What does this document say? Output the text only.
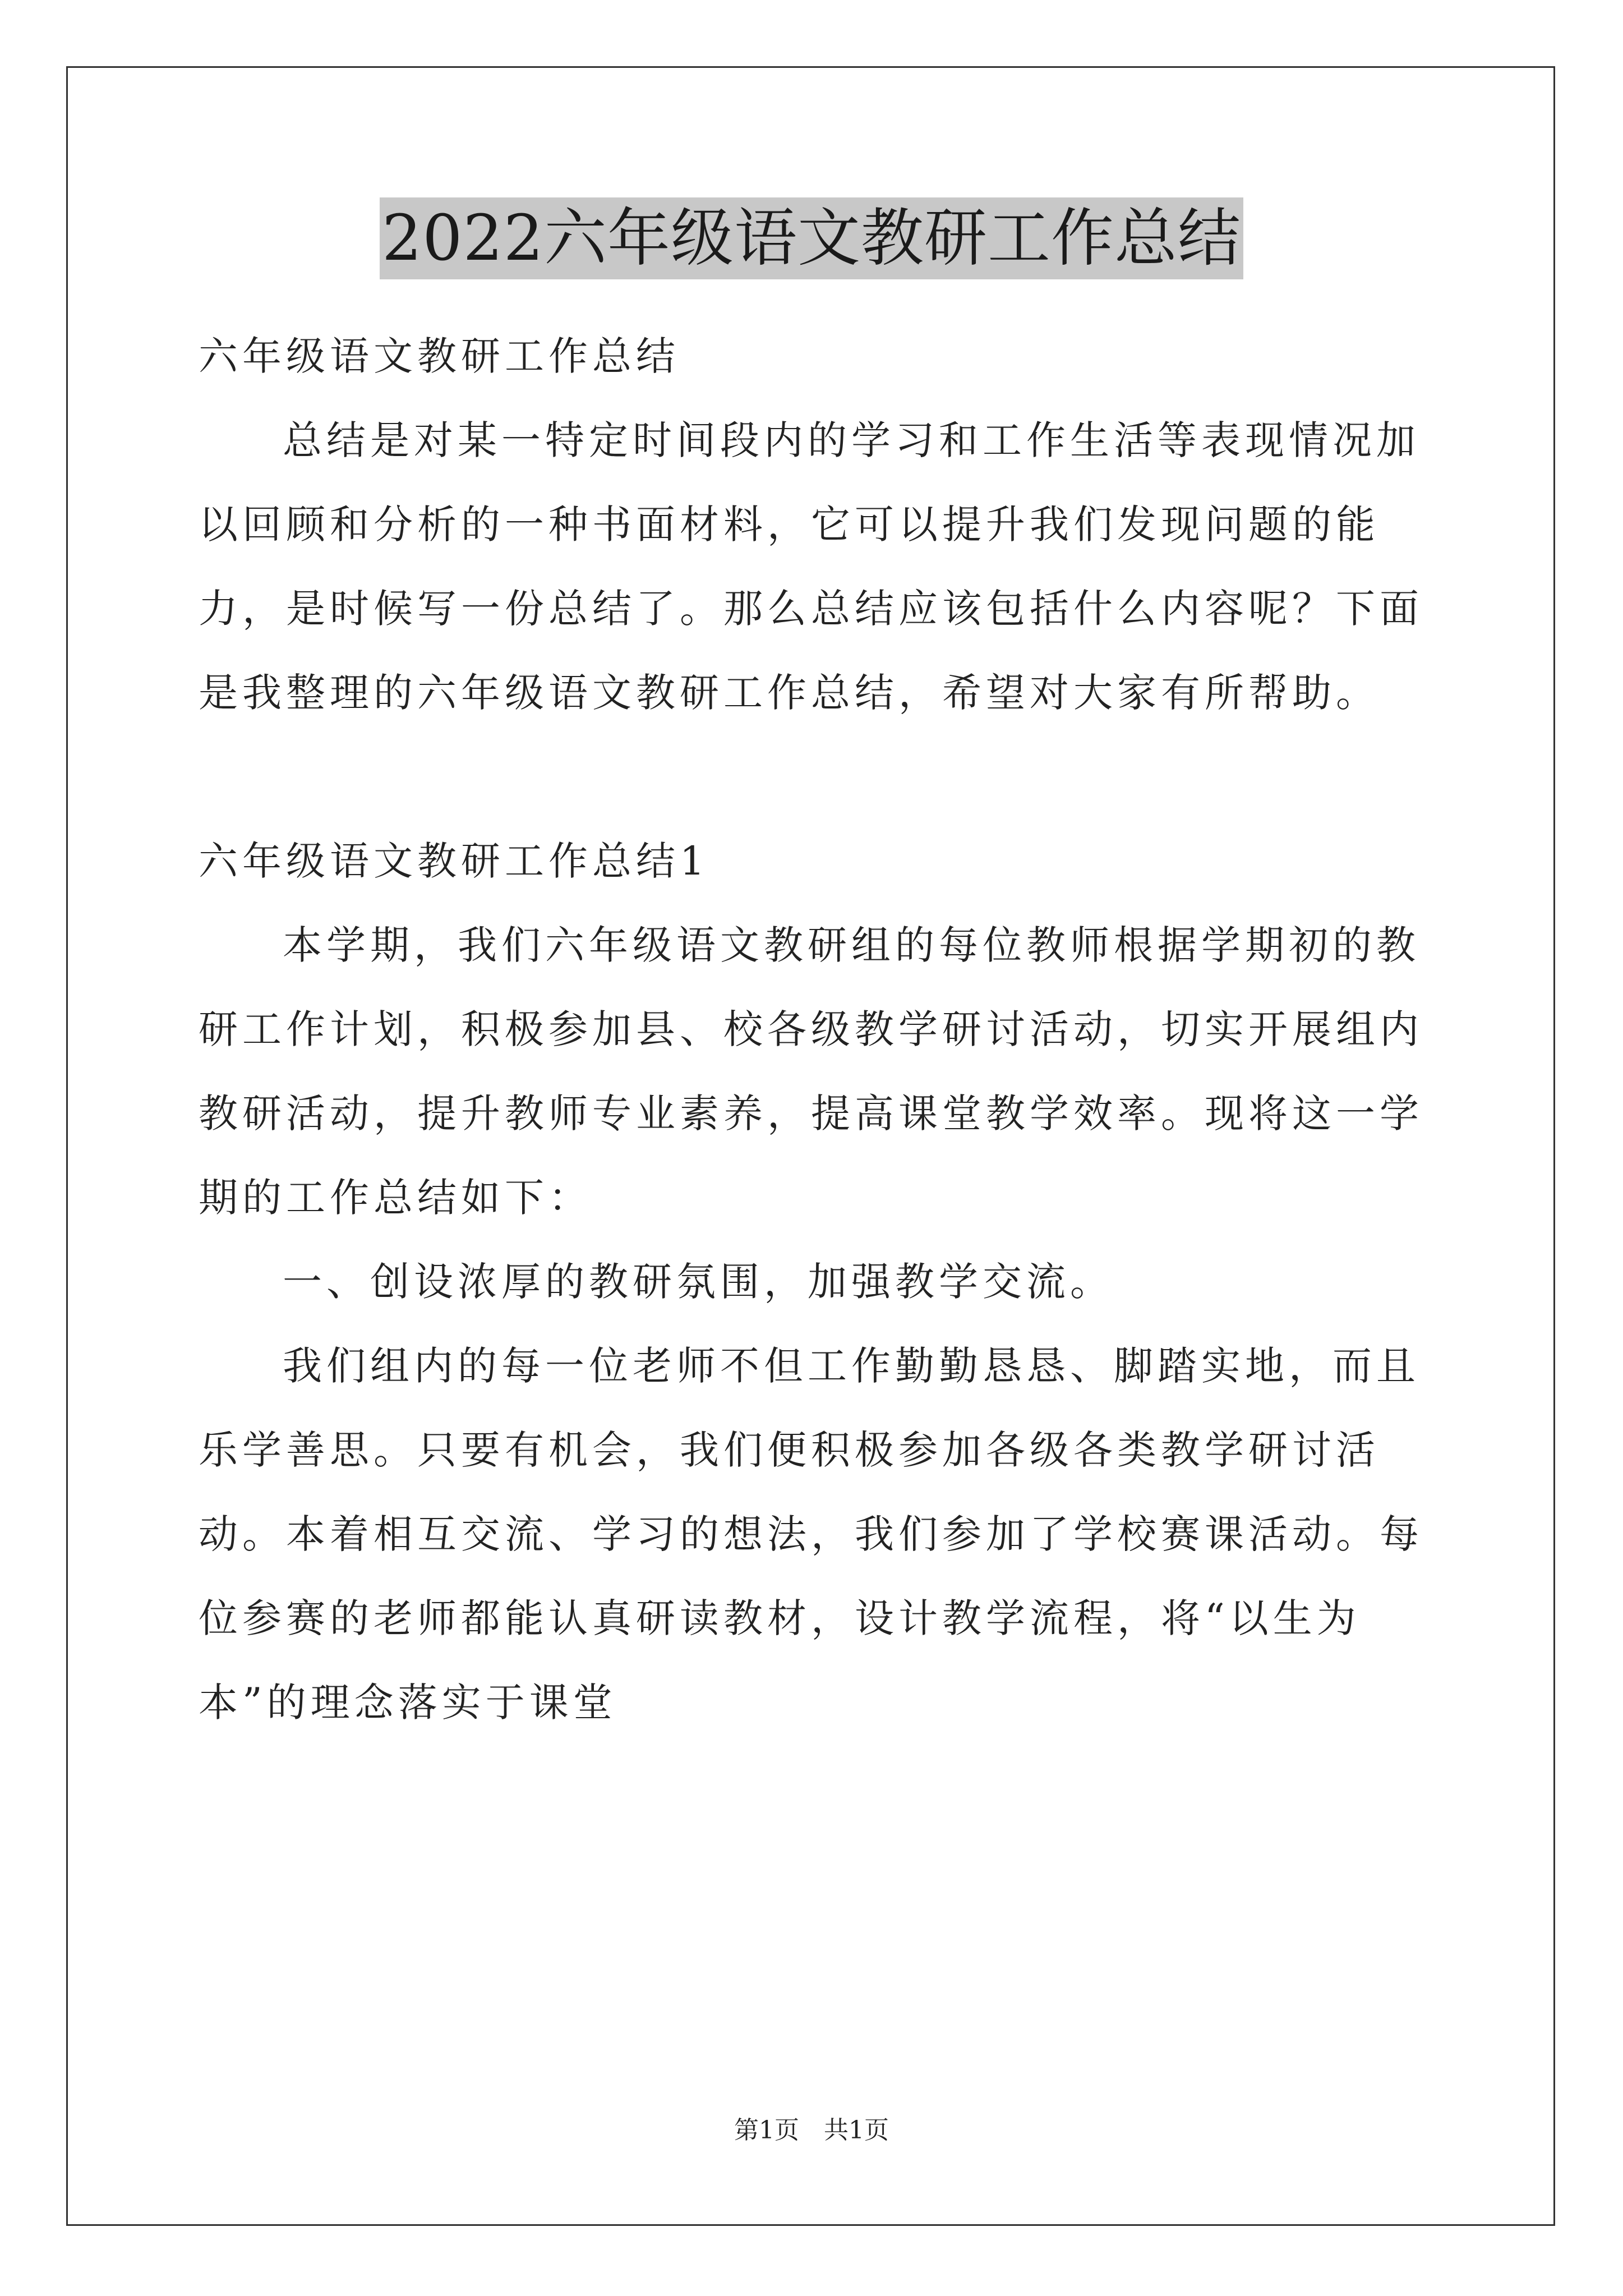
2022六年级语文教研工作总结

六年级语文教研工作总结

总结是对某一特定时间段内的学习和工作生活等表现情况加以回顾和分析的一种书面材料，它可以提升我们发现问题的能力，是时候写一份总结了。那么总结应该包括什么内容呢？下面是我整理的六年级语文教研工作总结，希望对大家有所帮助。

六年级语文教研工作总结1

本学期，我们六年级语文教研组的每位教师根据学期初的教研工作计划，积极参加县、校各级教学研讨活动，切实开展组内教研活动，提升教师专业素养，提高课堂教学效率。现将这一学期的工作总结如下：

一、创设浓厚的教研氛围，加强教学交流。

我们组内的每一位老师不但工作勤勤恳恳、脚踏实地，而且乐学善思。只要有机会，我们便积极参加各级各类教学研讨活动。本着相互交流、学习的想法，我们参加了学校赛课活动。每位参赛的老师都能认真研读教材，设计教学流程，将“以生为本”的理念落实于课堂

第1页 共1页
